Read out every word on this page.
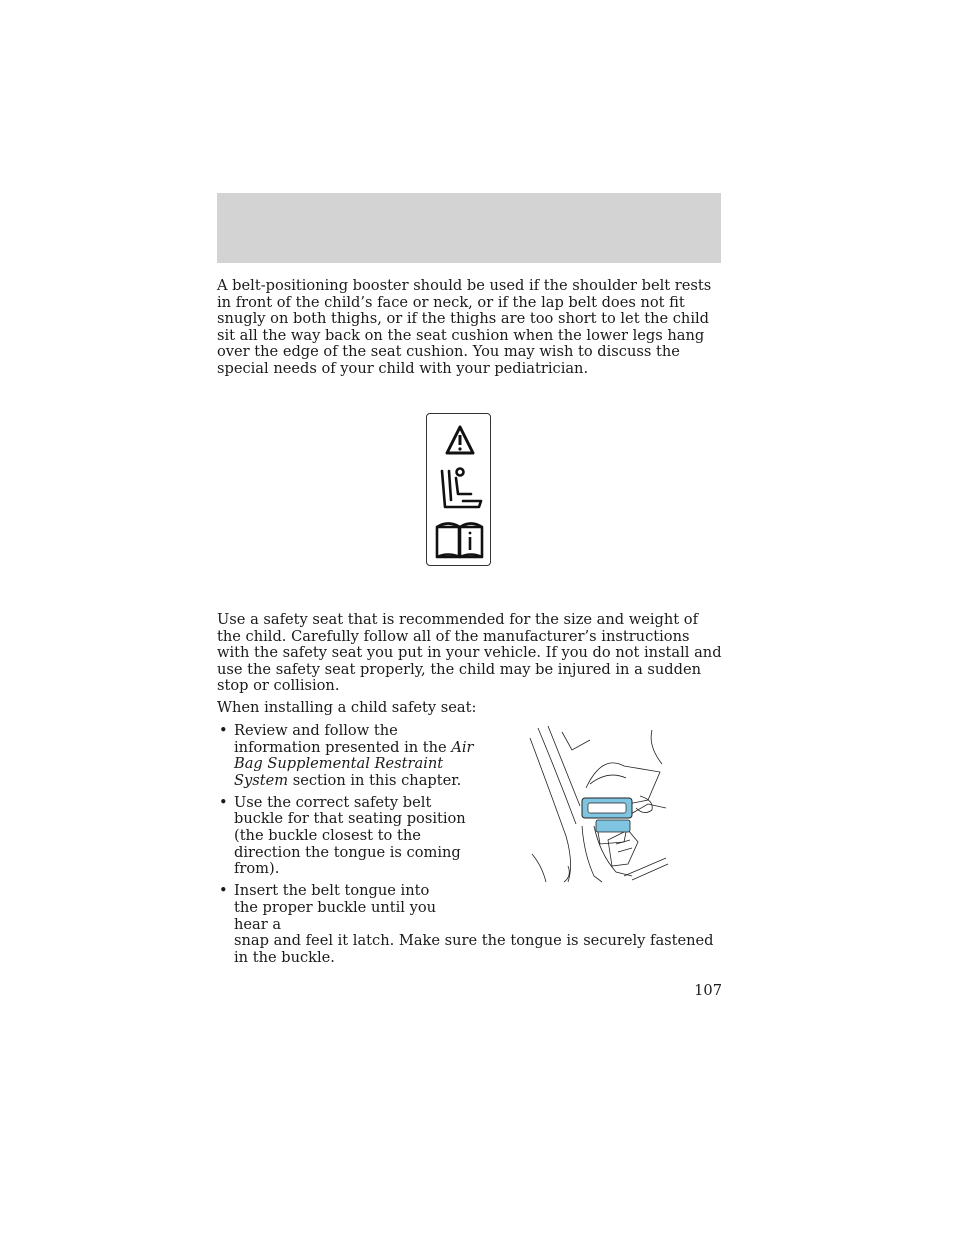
A belt-positioning booster should be used if the shoulder belt rests in front of the child’s face or neck, or if the lap belt does not fit snugly on both thighs, or if the thighs are too short to let the child sit all the way back on the seat cushion when the lower legs hang over the edge of the seat cushion. You may wish to discuss the special needs of your child with your pediatrician.

Use a safety seat that is recommended for the size and weight of the child. Carefully follow all of the manufacturer’s instructions with the safety seat you put in your vehicle. If you do not install and use the safety seat properly, the child may be injured in a sudden stop or collision.

When installing a child safety seat:

• Review and follow the information presented in the Air Bag Supplemental Restraint System section in this chapter.
• Use the correct safety belt buckle for that seating position (the buckle closest to the direction the tongue is coming from).
• Insert the belt tongue into the proper buckle until you hear a
snap and feel it latch. Make sure the tongue is securely fastened in the buckle.
107
